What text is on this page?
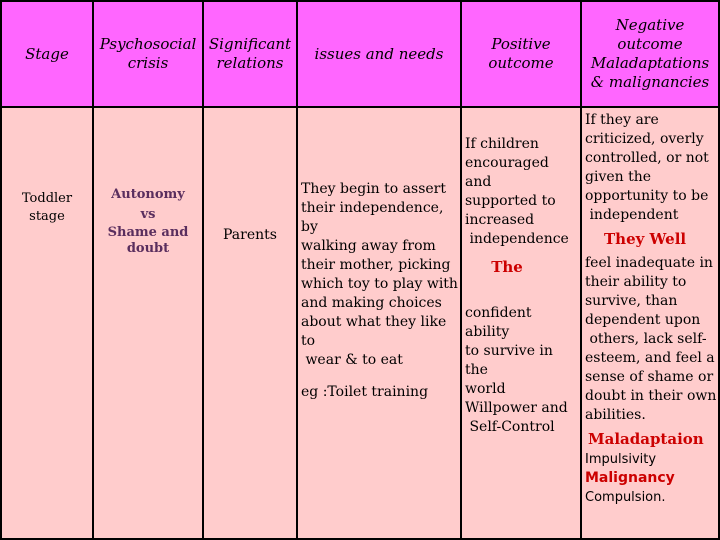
Stage
Psychosocial
crisis
Significant
relations
issues and needs
Positive
outcome
Negative
outcome
Maladaptations
& malignancies
Toddler
stage
Autonomy
vs
Shame and
doubt
Parents
They begin to assert
their independence, by
walking away from
their mother, picking
which toy to play with
and making choices
about what they like to
wear & to eat
eg :Toilet training
If children
encouraged and
supported to
increased
independence
The
confident ability
to survive in the
world
Willpower and
Self-Control
If they are
criticized, overly
controlled, or not
given the
opportunity to be
independent
They Well
feel inadequate in
their ability to
survive, than
dependent upon
others, lack self-
esteem, and feel a
sense of shame or
doubt in their own
abilities.
Maladaptaion
Impulsivity
Malignancy
Compulsion.
